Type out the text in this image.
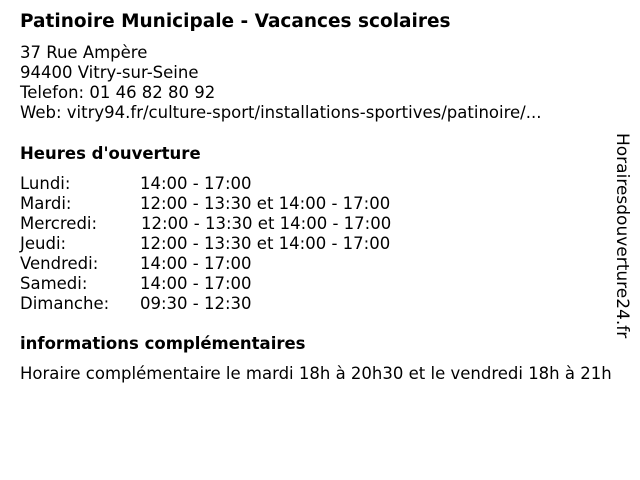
Patinoire Municipale - Vacances scolaires
37 Rue Ampère
94400 Vitry-sur-Seine
Telefon: 01 46 82 80 92
Web: vitry94.fr/culture-sport/installations-sportives/patinoire/...
Heures d'ouverture
Lundi:	14:00 - 17:00
Mardi:	12:00 - 13:30 et 14:00 - 17:00
Mercredi:	12:00 - 13:30 et 14:00 - 17:00
Jeudi:	12:00 - 13:30 et 14:00 - 17:00
Vendredi:	14:00 - 17:00
Samedi:	14:00 - 17:00
Dimanche: 09:30 - 12:30
informations complémentaires
Horaire complémentaire le mardi 18h à 20h30 et le vendredi 18h à 21h
Horairesdouverture24.fr
